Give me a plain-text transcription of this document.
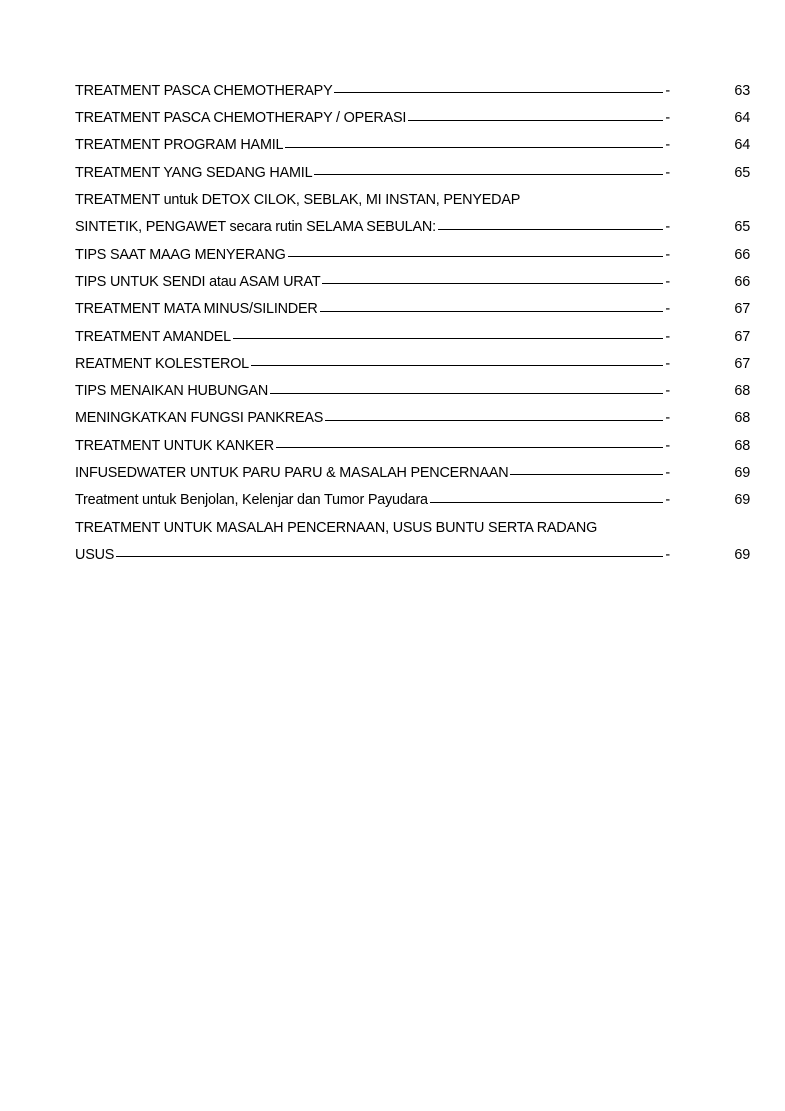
TREATMENT PASCA CHEMOTHERAPY	-	63
TREATMENT PASCA CHEMOTHERAPY / OPERASI	-	64
TREATMENT PROGRAM HAMIL	-	64
TREATMENT YANG SEDANG HAMIL	-	65
TREATMENT untuk DETOX CILOK, SEBLAK, MI INSTAN, PENYEDAP
SINTETIK, PENGAWET secara rutin SELAMA SEBULAN:	-	65
TIPS SAAT MAAG MENYERANG	-	66
TIPS UNTUK SENDI atau ASAM URAT	-	66
TREATMENT MATA MINUS/SILINDER	-	67
TREATMENT AMANDEL	-	67
REATMENT KOLESTEROL	-	67
TIPS MENAIKAN HUBUNGAN	-	68
MENINGKATKAN FUNGSI PANKREAS	-	68
TREATMENT UNTUK KANKER	-	68
INFUSEDWATER UNTUK PARU PARU & MASALAH PENCERNAAN	-	69
Treatment untuk Benjolan, Kelenjar dan Tumor Payudara	-	69
TREATMENT UNTUK MASALAH PENCERNAAN, USUS BUNTU SERTA RADANG
USUS	-	69
